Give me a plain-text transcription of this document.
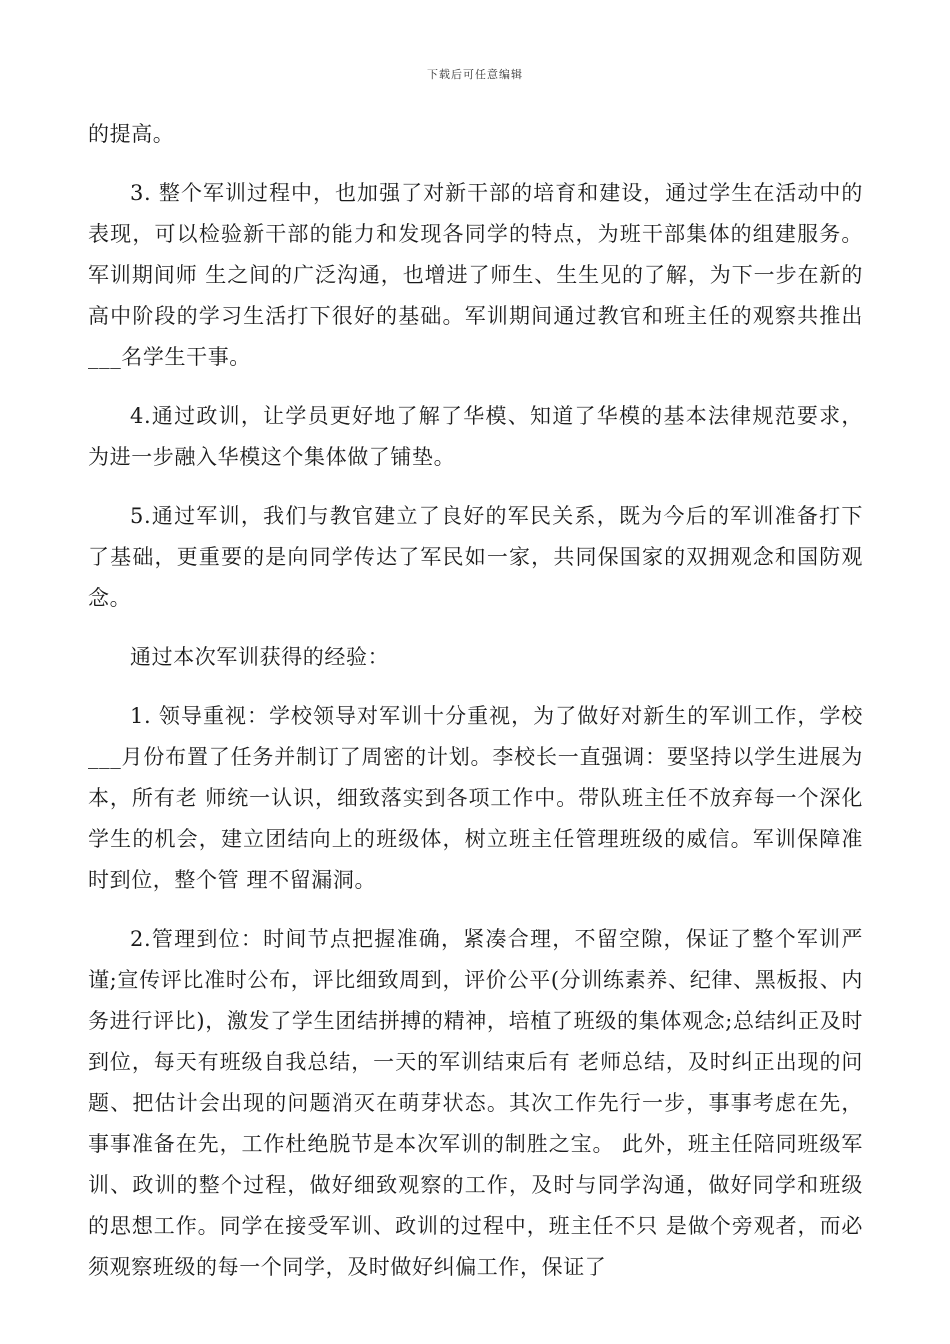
下载后可任意编辑

的提高。

3. 整个军训过程中，也加强了对新干部的培育和建设，通过学生在活动中的表现，可以检验新干部的能力和发现各同学的特点，为班干部集体的组建服务。军训期间师 生之间的广泛沟通，也增进了师生、生生见的了解，为下一步在新的高中阶段的学习生活打下很好的基础。军训期间通过教官和班主任的观察共推出___名学生干事。

4.通过政训，让学员更好地了解了华模、知道了华模的基本法律规范要求，为进一步融入华模这个集体做了铺垫。

5.通过军训，我们与教官建立了良好的军民关系，既为今后的军训准备打下了基础，更重要的是向同学传达了军民如一家，共同保国家的双拥观念和国防观念。

通过本次军训获得的经验：

1. 领导重视：学校领导对军训十分重视，为了做好对新生的军训工作，学校___月份布置了任务并制订了周密的计划。李校长一直强调：要坚持以学生进展为本，所有老 师统一认识，细致落实到各项工作中。带队班主任不放弃每一个深化学生的机会，建立团结向上的班级体，树立班主任管理班级的威信。军训保障准时到位，整个管 理不留漏洞。

2.管理到位：时间节点把握准确，紧凑合理，不留空隙，保证了整个军训严谨;宣传评比准时公布，评比细致周到，评价公平(分训练素养、纪律、黑板报、内务进行评比)，激发了学生团结拼搏的精神，培植了班级的集体观念;总结纠正及时到位，每天有班级自我总结，一天的军训结束后有 老师总结，及时纠正出现的问题、把估计会出现的问题消灭在萌芽状态。其次工作先行一步，事事考虑在先，事事准备在先，工作杜绝脱节是本次军训的制胜之宝。 此外，班主任陪同班级军训、政训的整个过程，做好细致观察的工作，及时与同学沟通，做好同学和班级的思想工作。同学在接受军训、政训的过程中，班主任不只 是做个旁观者，而必须观察班级的每一个同学，及时做好纠偏工作，保证了
